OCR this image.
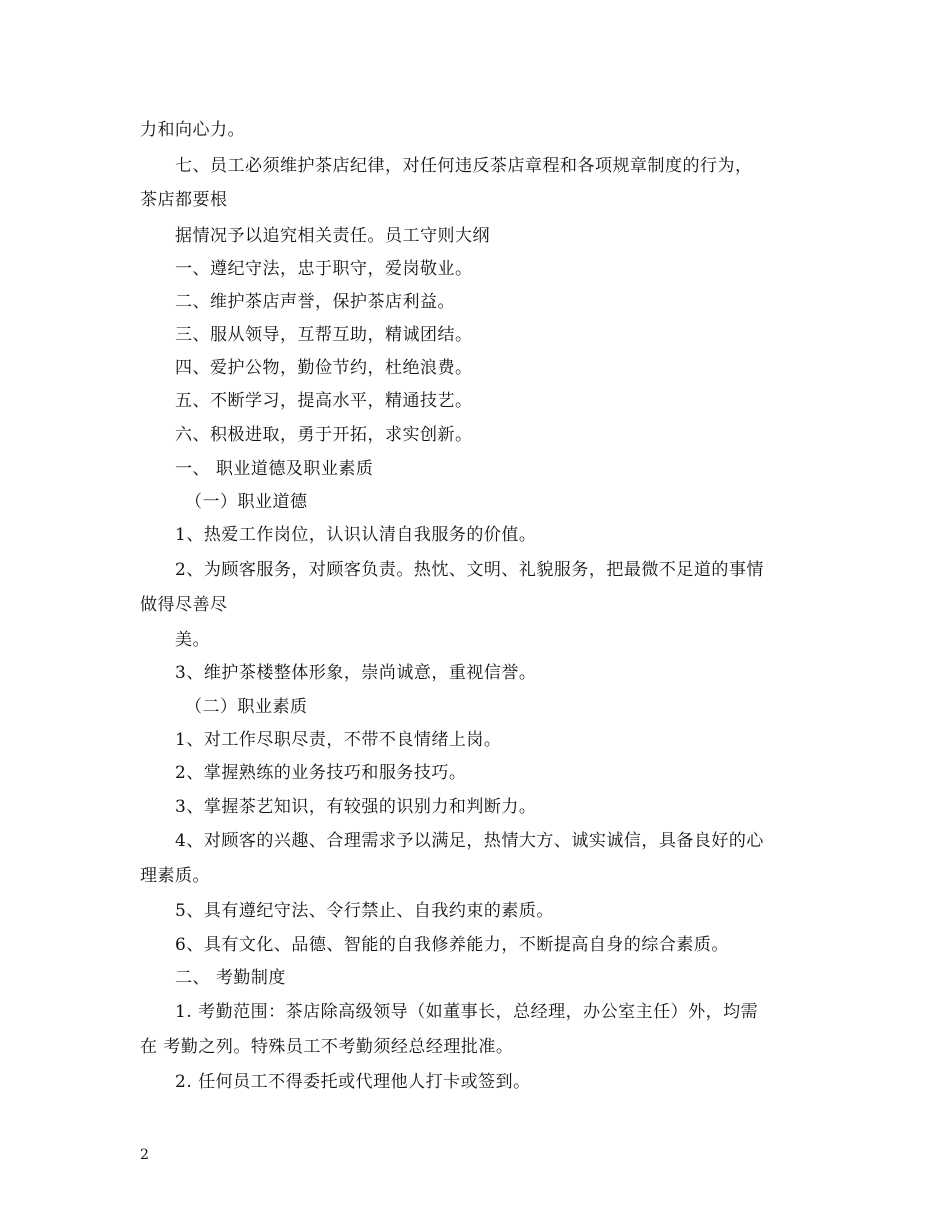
力和向心力。
七、员工必须维护茶店纪律，对任何违反茶店章程和各项规章制度的行为，
茶店都要根
据情况予以追究相关责任。员工守则大纲
一、遵纪守法，忠于职守，爱岗敬业。
二、维护茶店声誉，保护茶店利益。
三、服从领导，互帮互助，精诚团结。
四、爱护公物，勤俭节约，杜绝浪费。
五、不断学习，提高水平，精通技艺。
六、积极进取，勇于开拓，求实创新。
一、 职业道德及职业素质
（一）职业道德
1、热爱工作岗位，认识认清自我服务的价值。
2、为顾客服务，对顾客负责。热忱、文明、礼貌服务，把最微不足道的事情
做得尽善尽
美。
3、维护茶楼整体形象，崇尚诚意，重视信誉。
（二）职业素质
1、对工作尽职尽责，不带不良情绪上岗。
2、掌握熟练的业务技巧和服务技巧。
3、掌握茶艺知识，有较强的识别力和判断力。
4、对顾客的兴趣、合理需求予以满足，热情大方、诚实诚信，具备良好的心
理素质。
5、具有遵纪守法、令行禁止、自我约束的素质。
6、具有文化、品德、智能的自我修养能力，不断提高自身的综合素质。
二、 考勤制度
1. 考勤范围：茶店除高级领导（如董事长，总经理，办公室主任）外，均需
在 考勤之列。特殊员工不考勤须经总经理批准。
2. 任何员工不得委托或代理他人打卡或签到。
2
